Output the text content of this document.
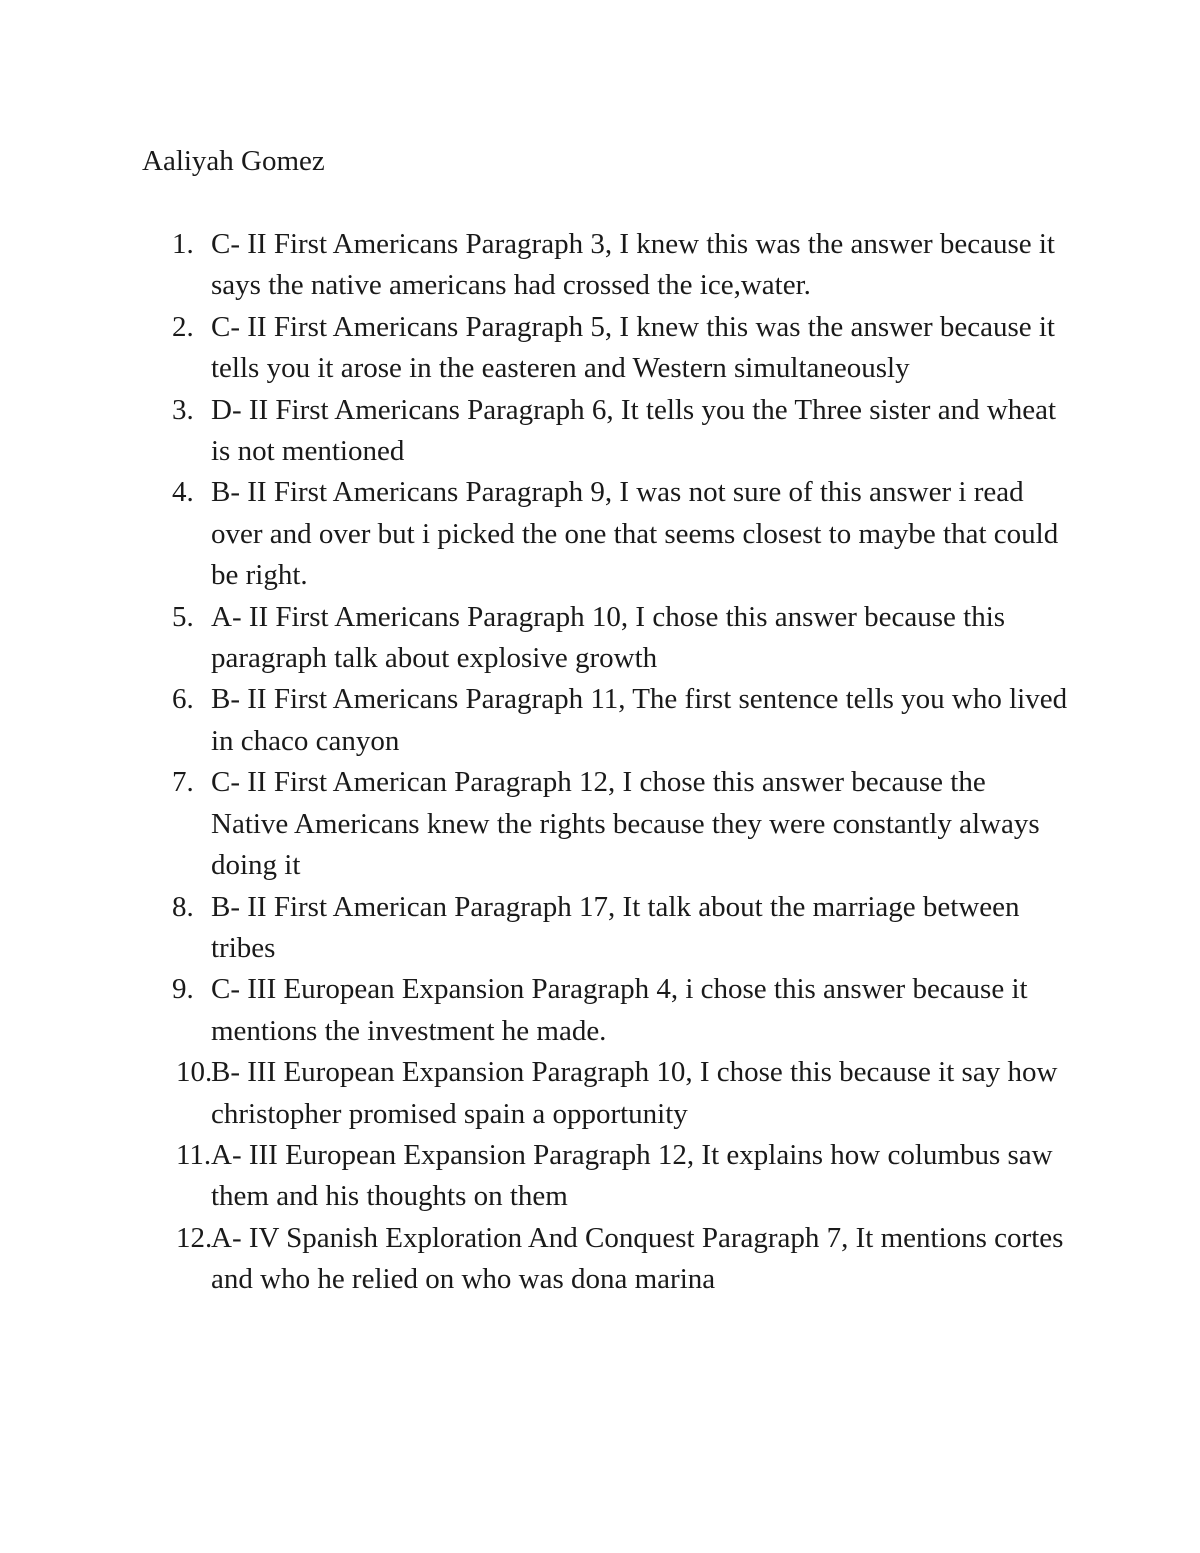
Aaliyah Gomez
1. C- II First Americans Paragraph 3, I knew this was the answer because it says the native americans had crossed the ice,water.
2. C- II First Americans Paragraph 5, I knew this was the answer because it tells you it arose in the easteren and Western simultaneously
3. D- II First Americans Paragraph 6, It tells you the Three sister and wheat is not mentioned
4. B- II First Americans Paragraph 9, I was not sure of this answer i read over and over but i picked the one that seems closest to maybe that could be right.
5. A- II First Americans Paragraph 10, I chose this answer because this paragraph talk about explosive growth
6. B- II First Americans Paragraph 11, The first sentence tells you who lived in chaco canyon
7. C- II First American Paragraph 12, I chose this answer because the Native Americans knew the rights because they were constantly always doing it
8. B- II First American Paragraph 17, It talk about the marriage between tribes
9. C- III European Expansion Paragraph 4, i chose this answer because it mentions the investment he made.
10.
B- III European Expansion Paragraph 10, I chose this because it say how christopher promised spain a opportunity
11. A- III European Expansion Paragraph 12, It explains how columbus saw them and his thoughts on them
12.
A- IV Spanish Exploration And Conquest Paragraph 7, It mentions cortes and who he relied on who was dona marina
